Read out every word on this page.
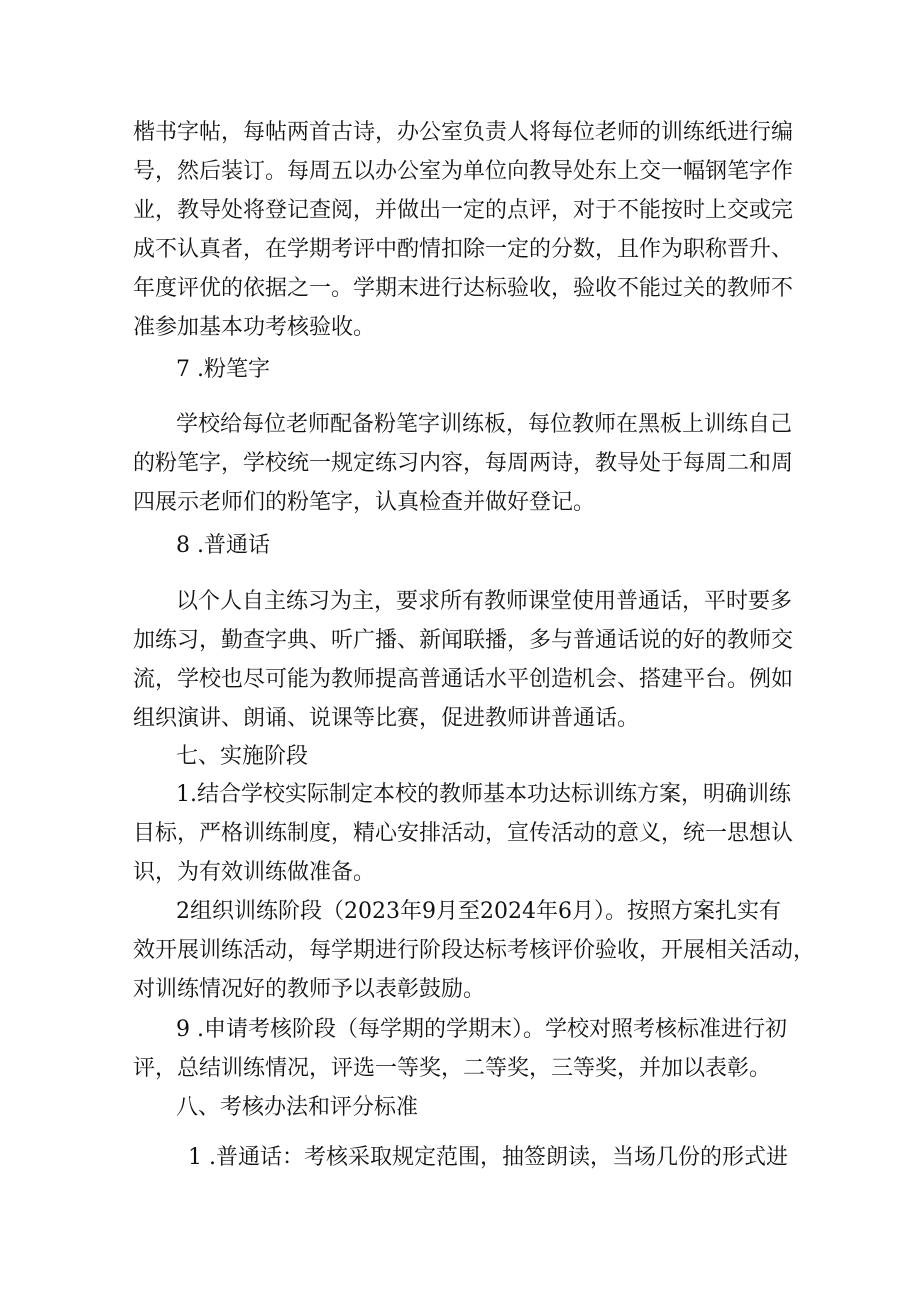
楷书字帖，每帖两首古诗，办公室负责人将每位老师的训练纸进行编
号，然后装订。每周五以办公室为单位向教导处东上交一幅钢笔字作
业，教导处将登记查阅，并做出一定的点评，对于不能按时上交或完
成不认真者，在学期考评中酌情扣除一定的分数，且作为职称晋升、
年度评优的依据之一。学期末进行达标验收，验收不能过关的教师不
准参加基本功考核验收。
7 .粉笔字
学校给每位老师配备粉笔字训练板，每位教师在黑板上训练自己
的粉笔字，学校统一规定练习内容，每周两诗，教导处于每周二和周
四展示老师们的粉笔字，认真检查并做好登记。
8 .普通话
以个人自主练习为主，要求所有教师课堂使用普通话，平时要多
加练习，勤查字典、听广播、新闻联播，多与普通话说的好的教师交
流，学校也尽可能为教师提高普通话水平创造机会、搭建平台。例如
组织演讲、朗诵、说课等比赛，促进教师讲普通话。
七、实施阶段
1.结合学校实际制定本校的教师基本功达标训练方案，明确训练
目标，严格训练制度，精心安排活动，宣传活动的意义，统一思想认
识，为有效训练做准备。
2组织训练阶段（2023年9月至2024年6月）。按照方案扎实有
效开展训练活动，每学期进行阶段达标考核评价验收，开展相关活动，
对训练情况好的教师予以表彰鼓励。
9 .申请考核阶段（每学期的学期末）。学校对照考核标准进行初
评，总结训练情况，评选一等奖，二等奖，三等奖，并加以表彰。
八、考核办法和评分标准
1 .普通话：考核采取规定范围，抽签朗读，当场几份的形式进
